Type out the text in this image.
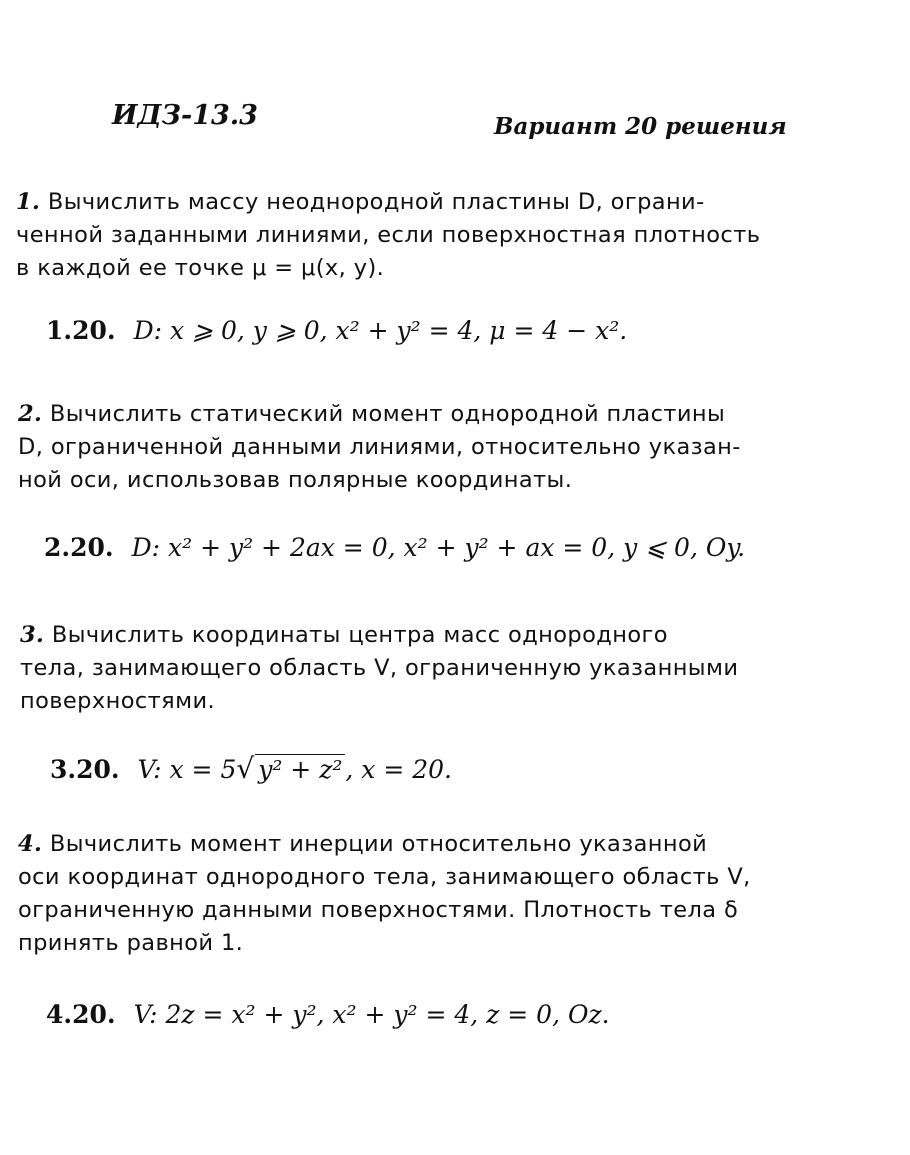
ИДЗ-13.3	Вариант 20 решения
1. Вычислить массу неоднородной пластины D, ограни-
ченной заданными линиями, если поверхностная плотность
в каждой ее точке μ = μ(x, y).
1.20. D: x ⩾ 0, y ⩾ 0, x² + y² = 4, μ = 4 − x².
2. Вычислить статический момент однородной пластины
D, ограниченной данными линиями, относительно указан-
ной оси, использовав полярные координаты.
2.20. D: x² + y² + 2ax = 0, x² + y² + ax = 0, y ⩽ 0, Oy.
3. Вычислить координаты центра масс однородного
тела, занимающего область V, ограниченную указанными
поверхностями.
3.20. V: x = 5√ y² + z² , x = 20.
4. Вычислить момент инерции относительно указанной
оси координат однородного тела, занимающего область V,
ограниченную данными поверхностями. Плотность тела δ
принять равной 1.
4.20. V: 2z = x² + y², x² + y² = 4, z = 0, Oz.
